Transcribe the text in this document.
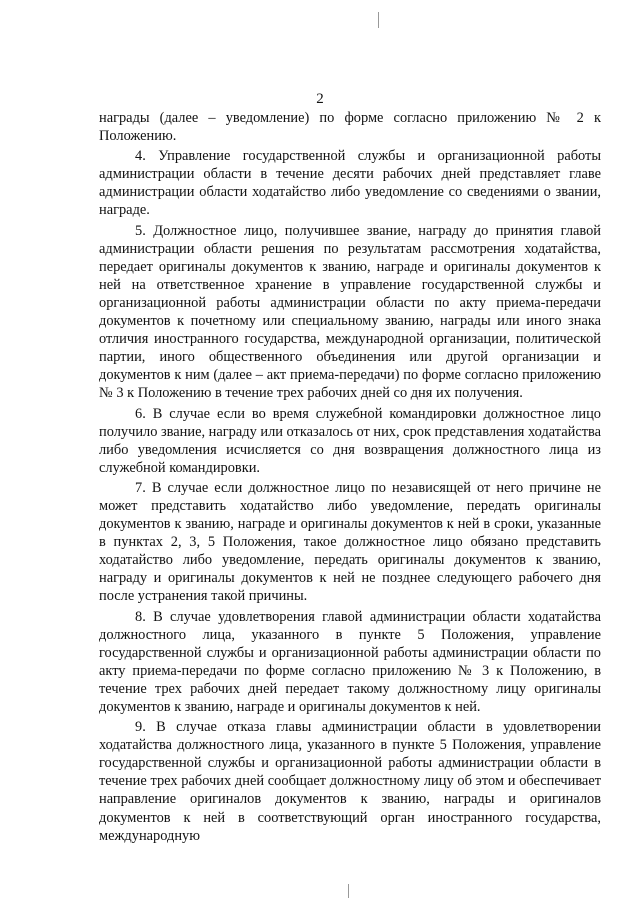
2

награды (далее – уведомление) по форме согласно приложению № 2 к Положению.

4. Управление государственной службы и организационной работы администрации области в течение десяти рабочих дней представляет главе администрации области ходатайство либо уведомление со сведениями о звании, награде.

5. Должностное лицо, получившее звание, награду до принятия главой администрации области решения по результатам рассмотрения ходатайства, передает оригиналы документов к званию, награде и оригиналы документов к ней на ответственное хранение в управление государственной службы и организационной работы администрации области по акту приема-передачи документов к почетному или специальному званию, награды или иного знака отличия иностранного государства, международной организации, политической партии, иного общественного объединения или другой организации и документов к ним (далее – акт приема-передачи) по форме согласно приложению № 3 к Положению в течение трех рабочих дней со дня их получения.

6. В случае если во время служебной командировки должностное лицо получило звание, награду или отказалось от них, срок представления ходатайства либо уведомления исчисляется со дня возвращения должностного лица из служебной командировки.

7. В случае если должностное лицо по независящей от него причине не может представить ходатайство либо уведомление, передать оригиналы документов к званию, награде и оригиналы документов к ней в сроки, указанные в пунктах 2, 3, 5 Положения, такое должностное лицо обязано представить ходатайство либо уведомление, передать оригиналы документов к званию, награду и оригиналы документов к ней не позднее следующего рабочего дня после устранения такой причины.

8. В случае удовлетворения главой администрации области ходатайства должностного лица, указанного в пункте 5 Положения, управление государственной службы и организационной работы администрации области по акту приема-передачи по форме согласно приложению № 3 к Положению, в течение трех рабочих дней передает такому должностному лицу оригиналы документов к званию, награде и оригиналы документов к ней.

9. В случае отказа главы администрации области в удовлетворении ходатайства должностного лица, указанного в пункте 5 Положения, управление государственной службы и организационной работы администрации области в течение трех рабочих дней сообщает должностному лицу об этом и обеспечивает направление оригиналов документов к званию, награды и оригиналов документов к ней в соответствующий орган иностранного государства, международную
